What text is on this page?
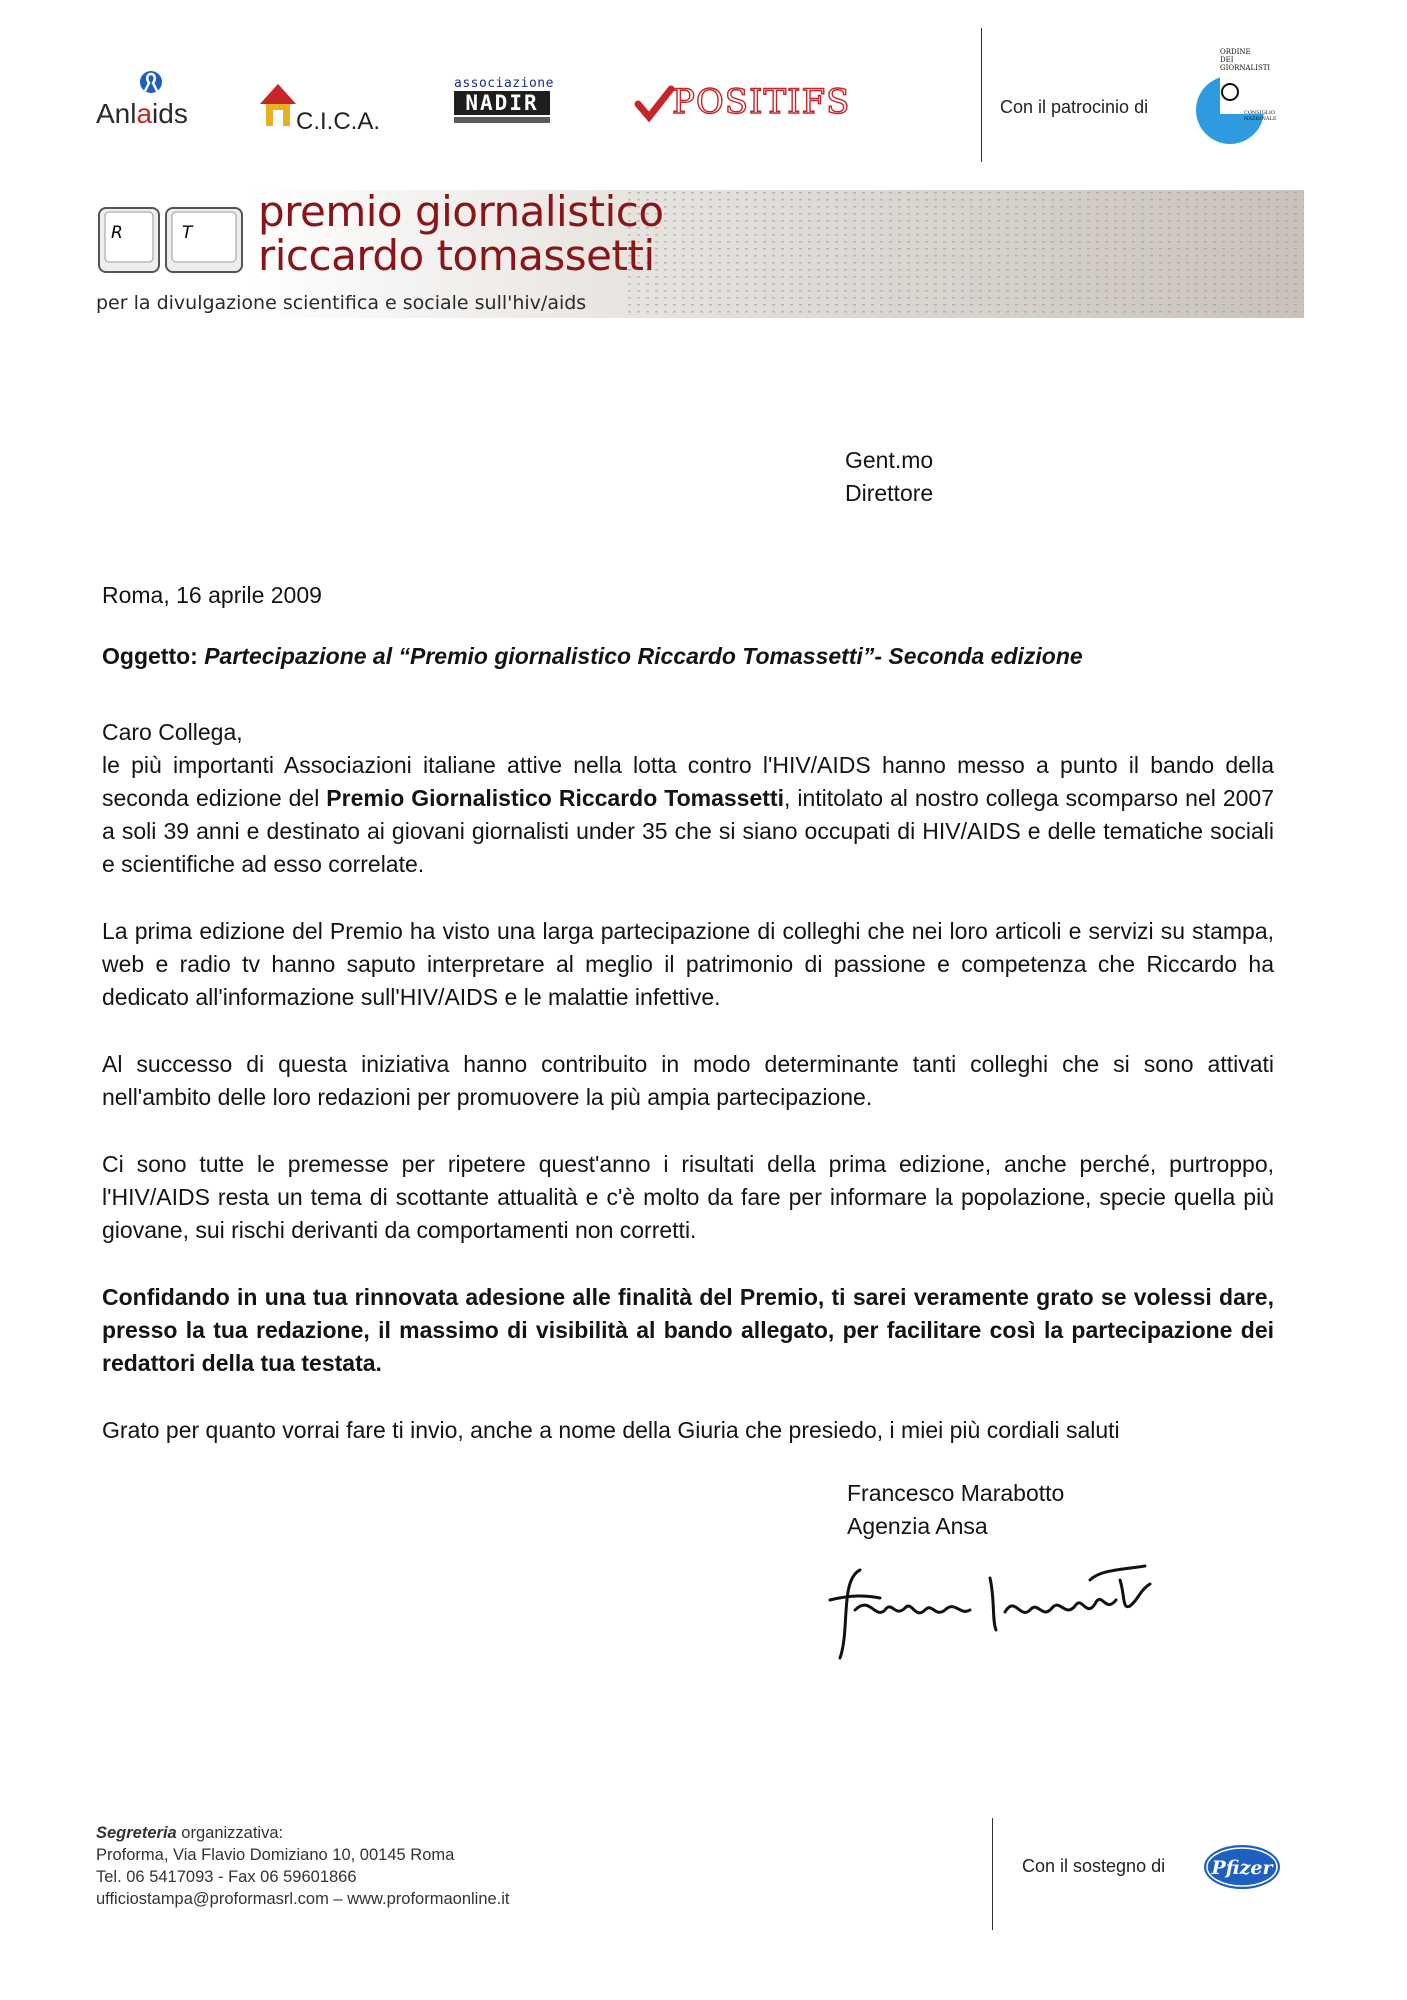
Anlaids	C.I.C.A.
associazione
NADIR	POSITIFS	Con il patrocinio di
ORDINE
DEI
GIORNALISTI
CONSIGLIO
NAZIONALE
R	T premio giornalistico
riccardo tomassetti
per la divulgazione scientifica e sociale sull'hiv/aids
Gent.mo
Direttore
Roma, 16 aprile 2009
Oggetto: Partecipazione al “Premio giornalistico Riccardo Tomassetti”- Seconda edizione

Caro Collega,

le più importanti Associazioni italiane attive nella lotta contro l'HIV/AIDS hanno messo a punto il bando della seconda edizione del Premio Giornalistico Riccardo Tomassetti, intitolato al nostro collega scomparso nel 2007 a soli 39 anni e destinato ai giovani giornalisti under 35 che si siano occupati di HIV/AIDS e delle tematiche sociali e scientifiche ad esso correlate.

La prima edizione del Premio ha visto una larga partecipazione di colleghi che nei loro articoli e servizi su stampa, web e radio tv hanno saputo interpretare al meglio il patrimonio di passione e competenza che Riccardo ha dedicato all'informazione sull'HIV/AIDS e le malattie infettive.

Al successo di questa iniziativa hanno contribuito in modo determinante tanti colleghi che si sono attivati nell'ambito delle loro redazioni per promuovere la più ampia partecipazione.

Ci sono tutte le premesse per ripetere quest'anno i risultati della prima edizione, anche perché, purtroppo, l'HIV/AIDS resta un tema di scottante attualità e c'è molto da fare per informare la popolazione, specie quella più giovane, sui rischi derivanti da comportamenti non corretti.

Confidando in una tua rinnovata adesione alle finalità del Premio, ti sarei veramente grato se volessi dare, presso la tua redazione, il massimo di visibilità al bando allegato, per facilitare così la partecipazione dei redattori della tua testata.

Grato per quanto vorrai fare ti invio, anche a nome della Giuria che presiedo, i miei più cordiali saluti

Francesco Marabotto
Agenzia Ansa
Segreteria organizzativa:
Proforma, Via Flavio Domiziano 10, 00145 Roma
Tel. 06 5417093 - Fax 06 59601866
ufficiostampa@proformasrl.com – www.proformaonline.it
Con il sostegno di Pfizer
